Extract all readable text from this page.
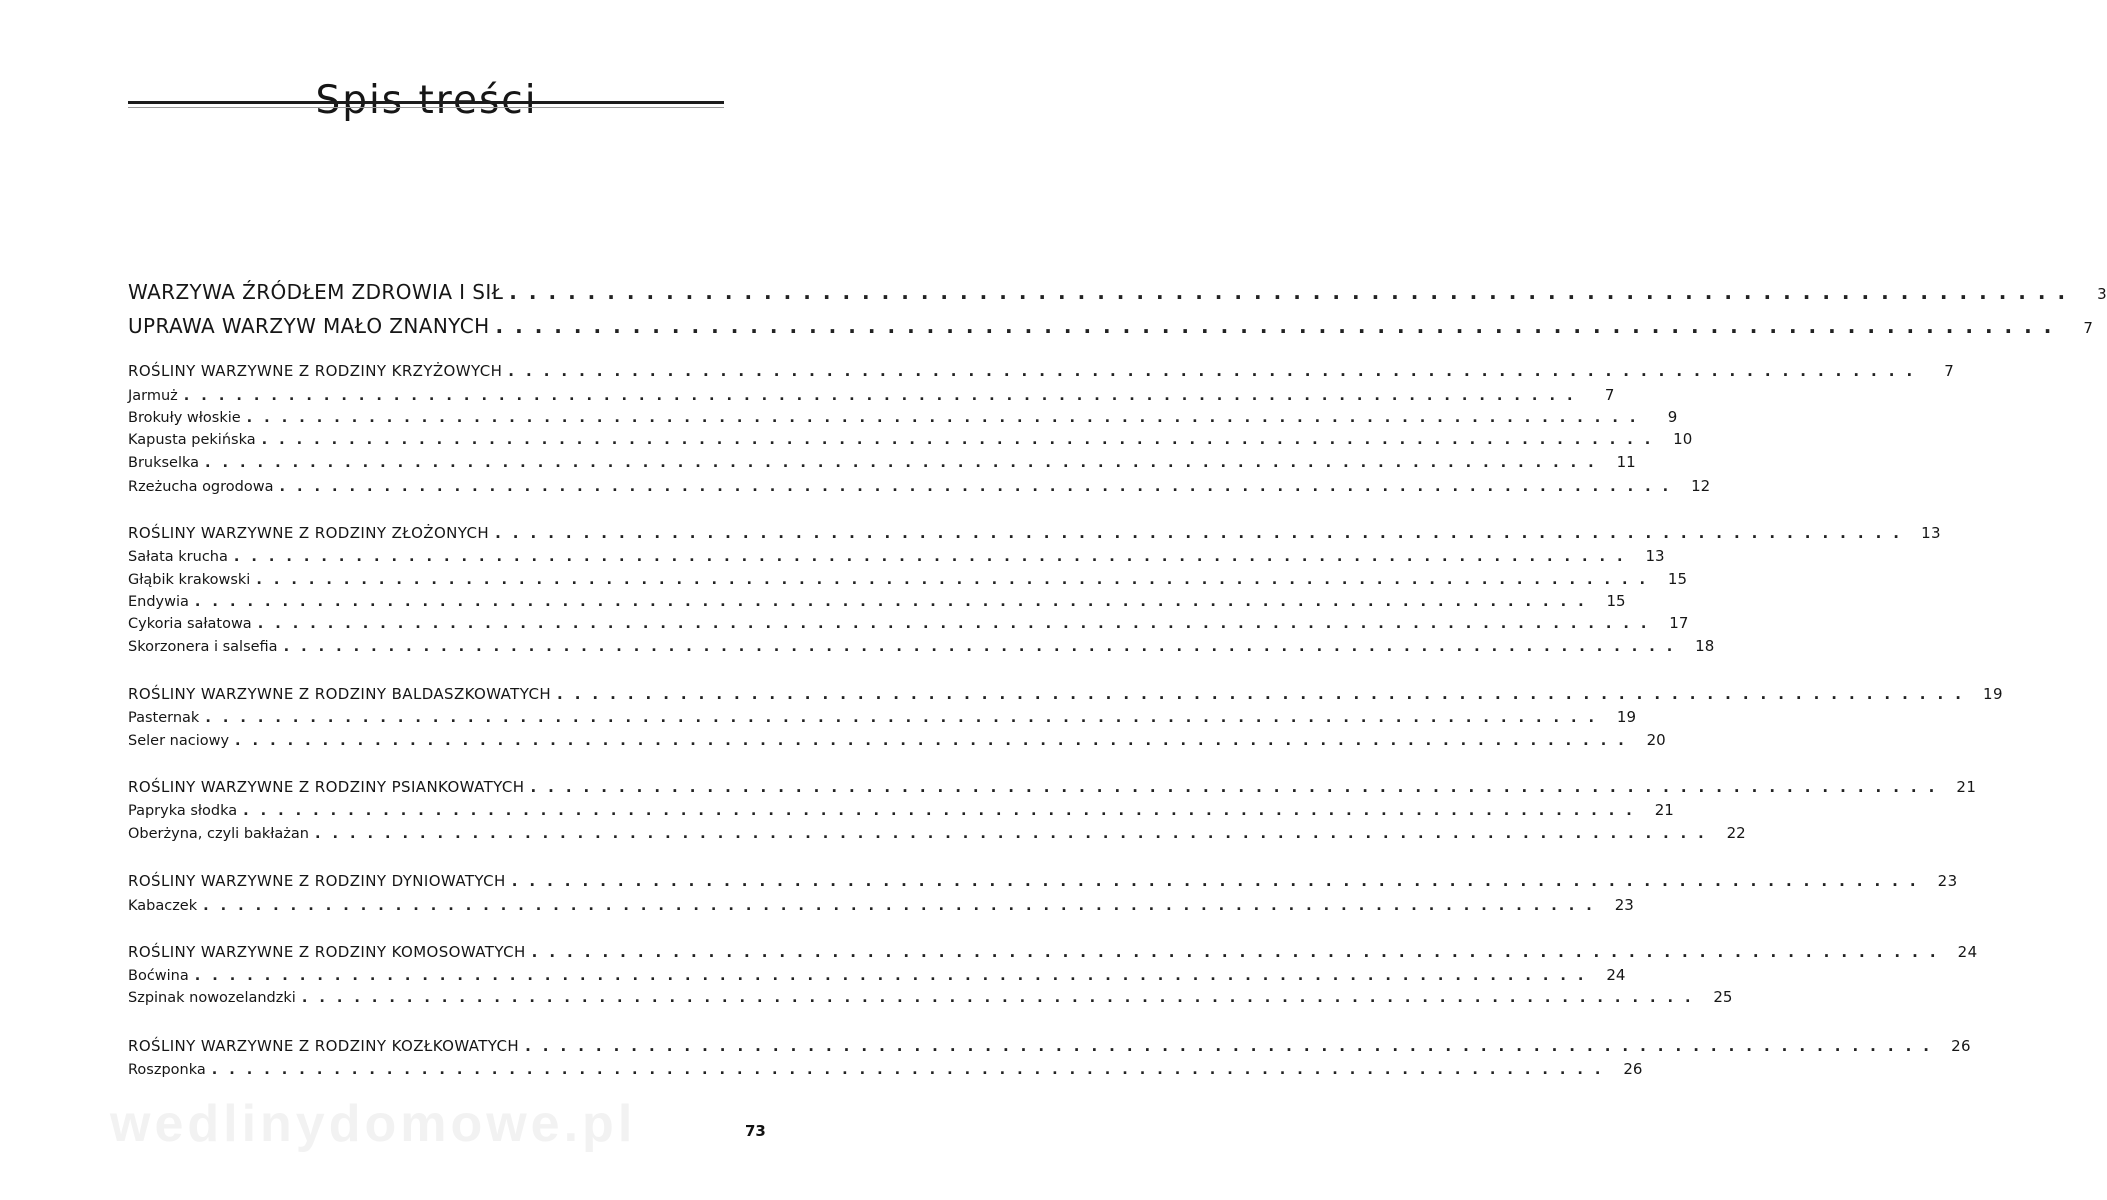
wedlinydomowe.pl
WARZYWA ŹRÓDŁEM ZDROWIA I SIŁ ................................................................................	3
UPRAWA WARZYW MAŁO ZNANYCH ................................................................................	7
ROŚLINY WARZYWNE Z RODZINY KRZYŻOWYCH ................................................................................	7
Jarmuż ................................................................................	7
Brokuły włoskie ................................................................................	9
Kapusta pekińska ................................................................................ 10
Brukselka ................................................................................ 11
Rzeżucha ogrodowa ................................................................................ 12
ROŚLINY WARZYWNE Z RODZINY ZŁOŻONYCH ................................................................................ 13
Sałata krucha ................................................................................ 13
Głąbik krakowski ................................................................................ 15
Endywia ................................................................................ 15
Cykoria sałatowa ................................................................................ 17
Skorzonera i salsefia ................................................................................ 18
ROŚLINY WARZYWNE Z RODZINY BALDASZKOWATYCH ................................................................................ 19
Pasternak ................................................................................ 19
Seler naciowy ................................................................................ 20
ROŚLINY WARZYWNE Z RODZINY PSIANKOWATYCH ................................................................................ 21
Papryka słodka ................................................................................ 21
Oberżyna, czyli bakłażan ................................................................................ 22
ROŚLINY WARZYWNE Z RODZINY DYNIOWATYCH ................................................................................ 23
Kabaczek ................................................................................ 23
ROŚLINY WARZYWNE Z RODZINY KOMOSOWATYCH ................................................................................ 24
Boćwina ................................................................................ 24
Szpinak nowozelandzki ................................................................................ 25
ROŚLINY WARZYWNE Z RODZINY KOZŁKOWATYCH ................................................................................ 26
Roszponka ................................................................................ 26
73
